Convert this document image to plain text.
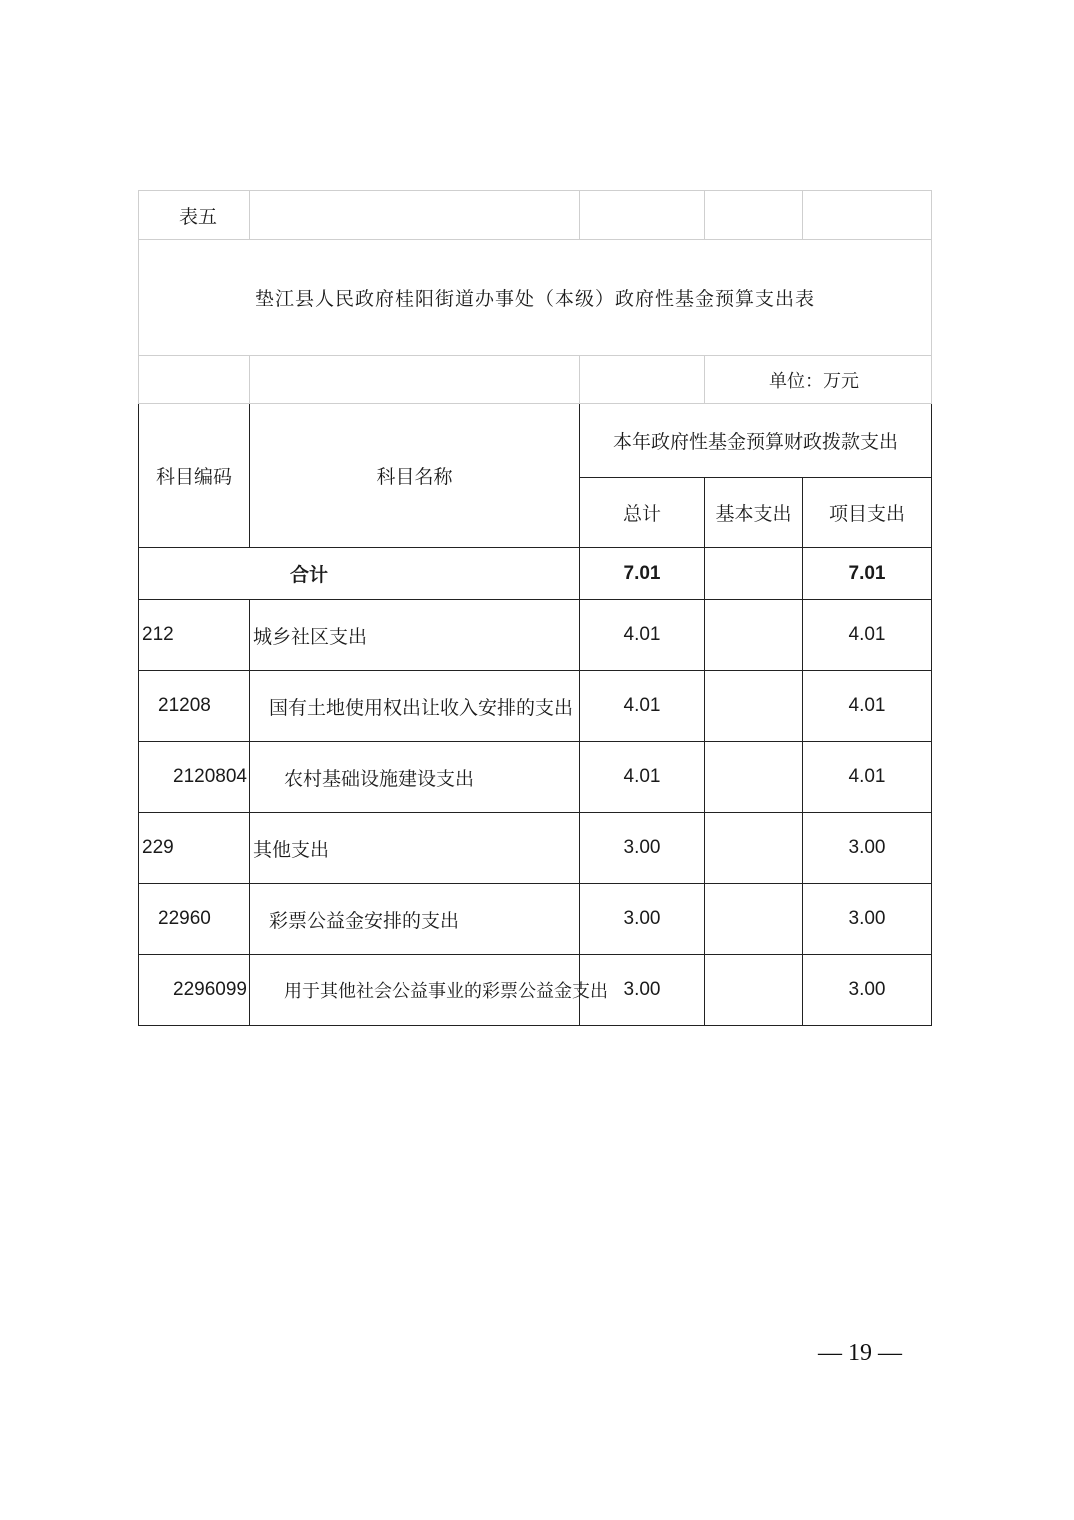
表五				
垫江县人民政府桂阳街道办事处（本级）政府性基金预算支出表				
			单位：万元	
科目编码	科目名称	本年政府性基金预算财政拨款支出		
		总计	基本支出	项目支出
合计		7.01		7.01
212	城乡社区支出	4.01		4.01
21208	国有土地使用权出让收入安排的支出	4.01		4.01
2120804	农村基础设施建设支出	4.01		4.01
229	其他支出	3.00		3.00
22960	彩票公益金安排的支出	3.00		3.00
2296099	用于其他社会公益事业的彩票公益金支出	3.00		3.00
— 19 —
